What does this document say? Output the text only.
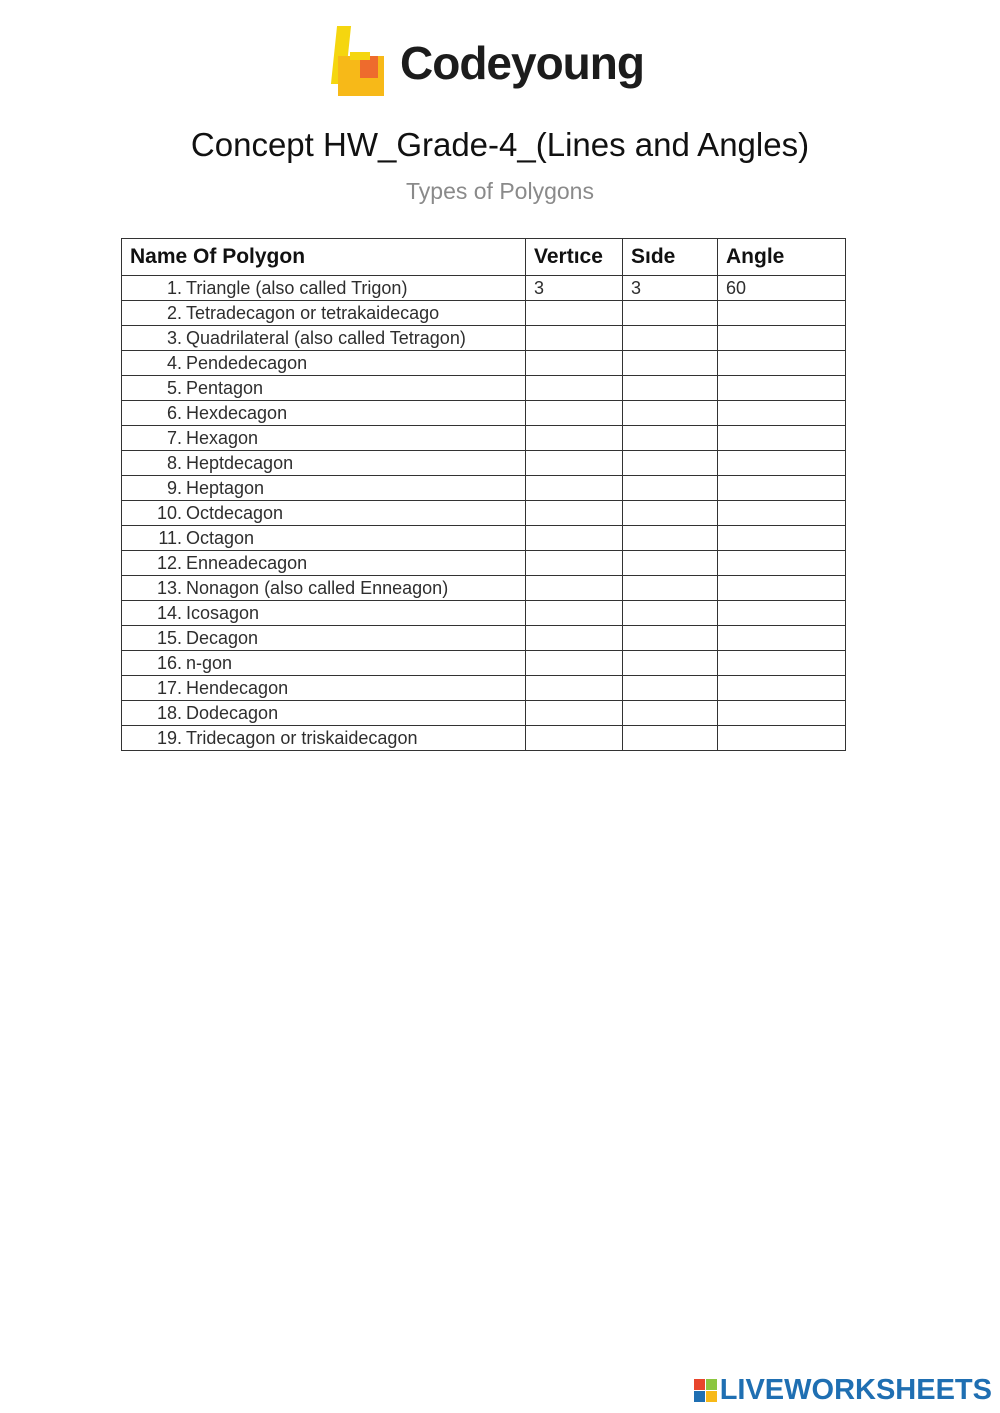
Codeyoung
Concept HW_Grade-4_(Lines and Angles)
Types of Polygons
Name Of Polygon	Vertıce	Sıde	Angle
1. Triangle (also called Trigon)	3	3	60
2. Tetradecagon or tetrakaidecago			
3. Quadrilateral (also called Tetragon)			
4. Pendedecagon			
5. Pentagon			
6. Hexdecagon			
7. Hexagon			
8. Heptdecagon			
9. Heptagon			
10. Octdecagon			
11. Octagon			
12. Enneadecagon			
13. Nonagon (also called Enneagon)			
14. Icosagon			
15. Decagon			
16. n-gon			
17. Hendecagon			
18. Dodecagon			
19. Tridecagon or triskaidecagon			
LIVEWORKSHEETS
